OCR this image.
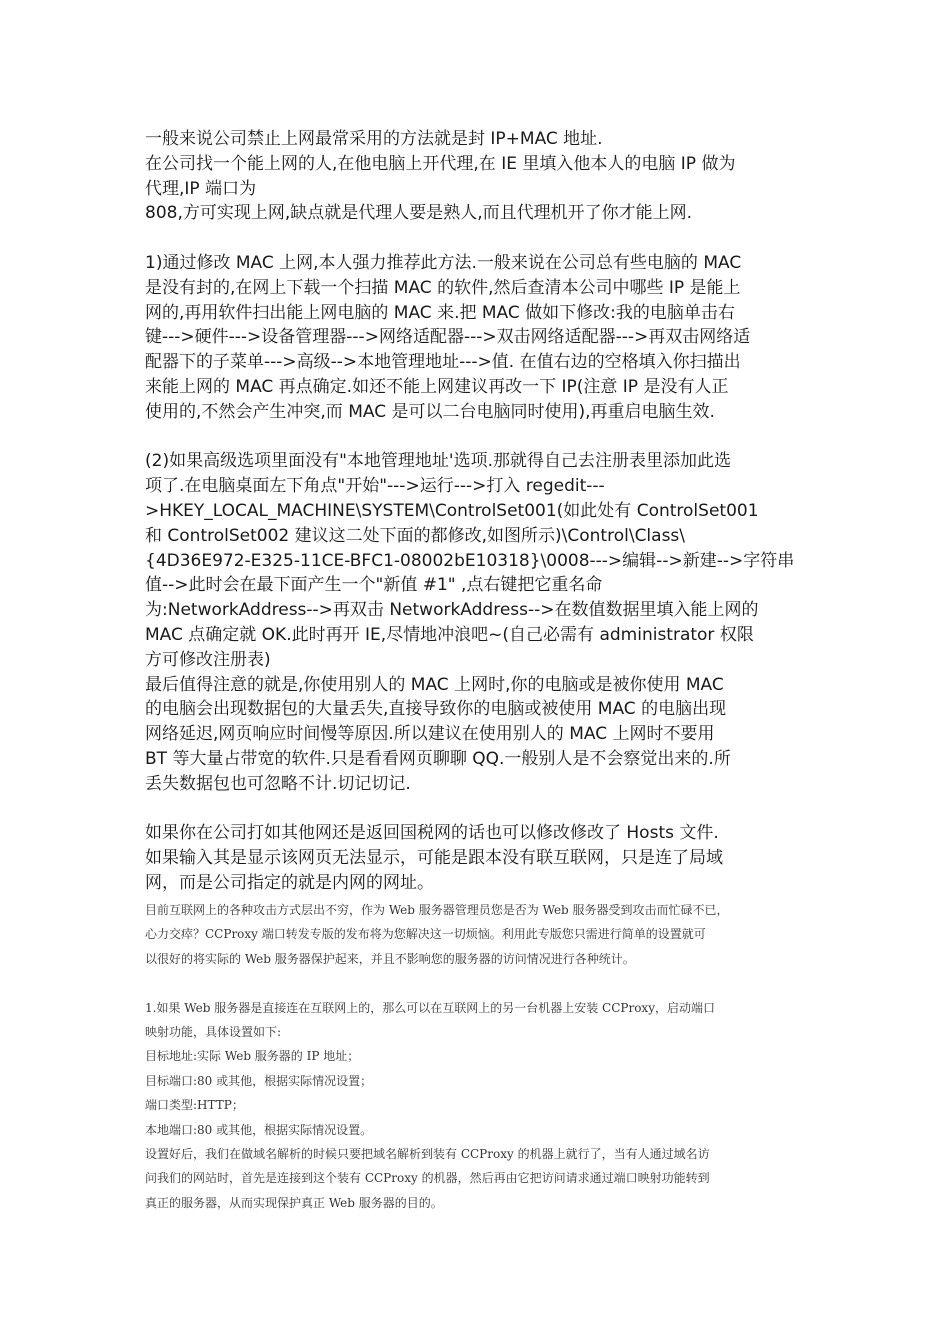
一般来说公司禁止上网最常采用的方法就是封 IP+MAC 地址.
在公司找一个能上网的人,在他电脑上开代理,在 IE 里填入他本人的电脑 IP 做为
代理,IP 端口为
808,方可实现上网,缺点就是代理人要是熟人,而且代理机开了你才能上网.
1)通过修改 MAC 上网,本人强力推荐此方法.一般来说在公司总有些电脑的 MAC
是没有封的,在网上下载一个扫描 MAC 的软件,然后查清本公司中哪些 IP 是能上
网的,再用软件扫出能上网电脑的 MAC 来.把 MAC 做如下修改:我的电脑单击右
键--->硬件--->设备管理器--->网络适配器--->双击网络适配器--->再双击网络适
配器下的子菜单--->高级-->本地管理地址--->值. 在值右边的空格填入你扫描出
来能上网的 MAC 再点确定.如还不能上网建议再改一下 IP(注意 IP 是没有人正
使用的,不然会产生冲突,而 MAC 是可以二台电脑同时使用),再重启电脑生效.
(2)如果高级选项里面没有"本地管理地址'选项.那就得自己去注册表里添加此选
项了.在电脑桌面左下角点"开始"--->运行--->打入 regedit---
>HKEY_LOCAL_MACHINE\SYSTEM\ControlSet001(如此处有 ControlSet001
和 ControlSet002 建议这二处下面的都修改,如图所示)\Control\Class\
{4D36E972-E325-11CE-BFC1-08002bE10318}\0008--->编辑-->新建-->字符串
值-->此时会在最下面产生一个"新值 #1" ,点右键把它重名命
为:NetworkAddress-->再双击 NetworkAddress-->在数值数据里填入能上网的
MAC 点确定就 OK.此时再开 IE,尽情地冲浪吧~(自己必需有 administrator 权限
方可修改注册表)
最后值得注意的就是,你使用别人的 MAC 上网时,你的电脑或是被你使用 MAC
的电脑会出现数据包的大量丢失,直接导致你的电脑或被使用 MAC 的电脑出现
网络延迟,网页响应时间慢等原因.所以建议在使用别人的 MAC 上网时不要用
BT 等大量占带宽的软件.只是看看网页聊聊 QQ.一般别人是不会察觉出来的.所
丢失数据包也可忽略不计.切记切记.
如果你在公司打如其他网还是返回国税网的话也可以修改修改了 Hosts 文件.
如果输入其是显示该网页无法显示，可能是跟本没有联互联网，只是连了局域
网，而是公司指定的就是内网的网址。
目前互联网上的各种攻击方式层出不穷，作为 Web 服务器管理员您是否为 Web 服务器受到攻击而忙碌不已，
心力交瘁？CCProxy 端口转发专版的发布将为您解决这一切烦恼。利用此专版您只需进行简单的设置就可
以很好的将实际的 Web 服务器保护起来，并且不影响您的服务器的访问情况进行各种统计。
1.如果 Web 服务器是直接连在互联网上的，那么可以在互联网上的另一台机器上安装 CCProxy，启动端口
映射功能，具体设置如下:
目标地址:实际 Web 服务器的 IP 地址；
目标端口:80 或其他，根据实际情况设置；
端口类型:HTTP；
本地端口:80 或其他，根据实际情况设置。
设置好后，我们在做域名解析的时候只要把域名解析到装有 CCProxy 的机器上就行了，当有人通过域名访
问我们的网站时，首先是连接到这个装有 CCProxy 的机器，然后再由它把访问请求通过端口映射功能转到
真正的服务器，从而实现保护真正 Web 服务器的目的。
